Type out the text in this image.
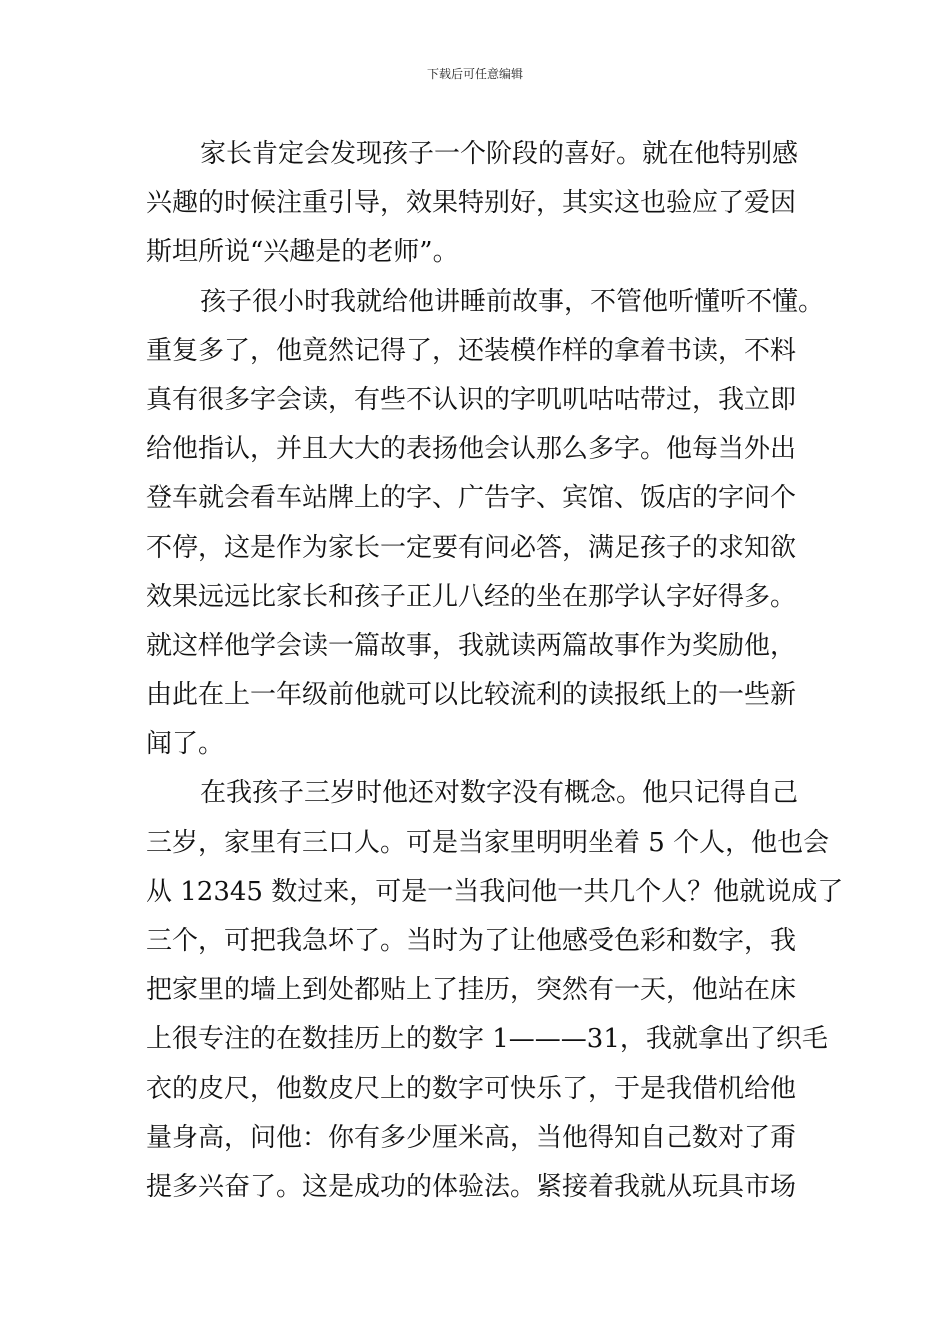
下载后可任意编辑
家长肯定会发现孩子一个阶段的喜好。就在他特别感
兴趣的时候注重引导，效果特别好，其实这也验应了爱因
斯坦所说“兴趣是的老师”。
孩子很小时我就给他讲睡前故事，不管他听懂听不懂。
重复多了，他竟然记得了，还装模作样的拿着书读，不料
真有很多字会读，有些不认识的字叽叽咕咕带过，我立即
给他指认，并且大大的表扬他会认那么多字。他每当外出
登车就会看车站牌上的字、广告字、宾馆、饭店的字问个
不停，这是作为家长一定要有问必答，满足孩子的求知欲
效果远远比家长和孩子正儿八经的坐在那学认字好得多。
就这样他学会读一篇故事，我就读两篇故事作为奖励他，
由此在上一年级前他就可以比较流利的读报纸上的一些新
闻了。
在我孩子三岁时他还对数字没有概念。他只记得自己
三岁，家里有三口人。可是当家里明明坐着 5 个人，他也会
从 12345 数过来，可是一当我问他一共几个人？他就说成了
三个，可把我急坏了。当时为了让他感受色彩和数字，我
把家里的墙上到处都贴上了挂历，突然有一天，他站在床
上很专注的在数挂历上的数字 1———31，我就拿出了织毛
衣的皮尺，他数皮尺上的数字可快乐了，于是我借机给他
量身高，问他：你有多少厘米高，当他得知自己数对了甭
提多兴奋了。这是成功的体验法。紧接着我就从玩具市场
